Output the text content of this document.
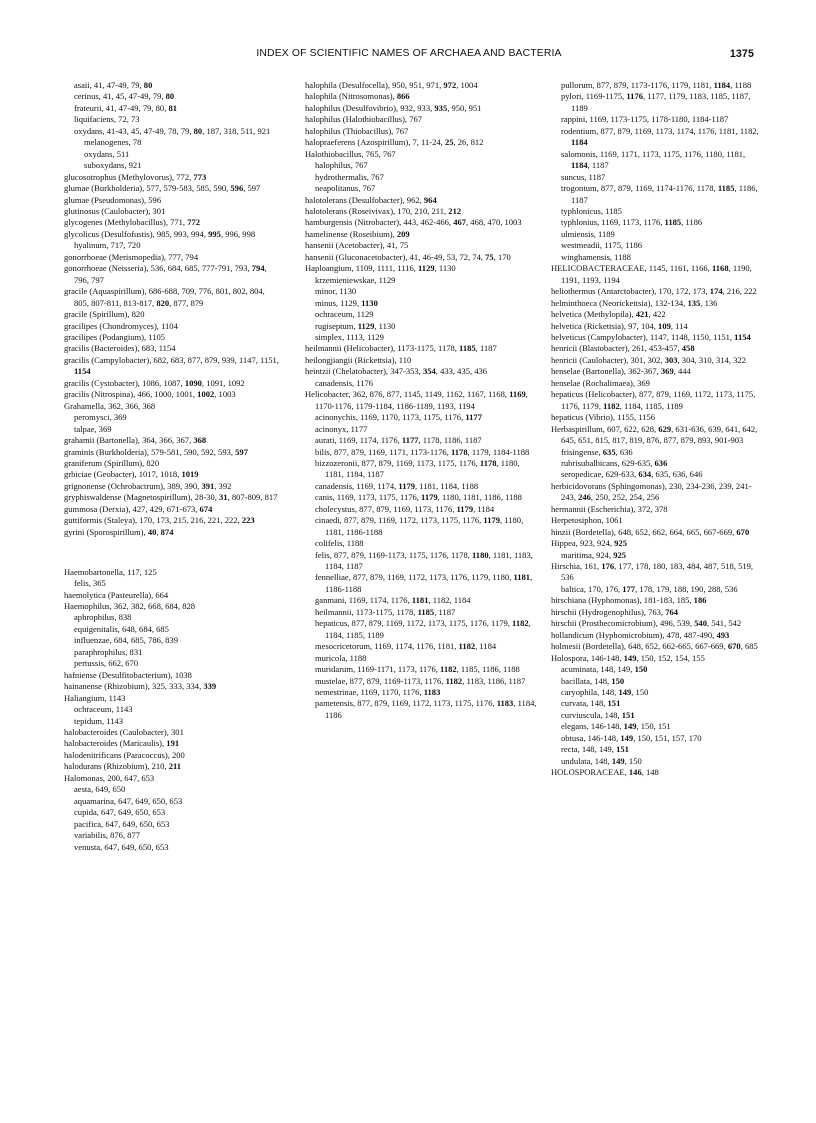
INDEX OF SCIENTIFIC NAMES OF ARCHAEA AND BACTERIA	1375

asaii, 41, 47-49, 79, 80

cerinus, 41, 45, 47-49, 79, 80

frateurii, 41, 47-49, 79, 80, 81

liquifaciens, 72, 73

oxydans, 41-43, 45, 47-49, 78, 79, 80, 187, 318, 511, 921

melanogenes, 78

oxydans, 511

suboxydans, 921

glucosotrophus (Methylovorus), 772, 773

glumae (Burkholderia), 577, 579-583, 585, 590, 596, 597

glumae (Pseudomonas), 596

glutinosus (Caulobacter), 301

glycogenes (Methylobacillus), 771, 772

glycolicus (Desulfofustis), 985, 993, 994, 995, 996, 998

hyalinum, 717, 720

gonorrhoeae (Merismopedia), 777, 794

gonorrhoeae (Neisseria), 536, 684, 685, 777-791, 793, 794, 796, 797

gracile (Aquaspirillum), 686-688, 709, 776, 801, 802, 804, 805, 807-811, 813-817, 820, 877, 879

gracile (Spirillum), 820

gracilipes (Chondromyces), 1104

gracilipes (Podangium), 1105

gracilis (Bacteroides), 683, 1154

gracilis (Campylobacter), 682, 683, 877, 879, 939, 1147, 1151, 1154

gracilis (Cystobacter), 1086, 1087, 1090, 1091, 1092

gracilis (Nitrospina), 466, 1000, 1001, 1002, 1003

Grahamella, 362, 366, 368

peromysci, 369

talpae, 369

grahamii (Bartonella), 364, 366, 367, 368

graminis (Burkholderia), 579-581, 590, 592, 593, 597

graniferum (Spirillum), 820

grbiciae (Geobacter), 1017, 1018, 1019

grignonense (Ochrobactrum), 389, 390, 391, 392

gryphiswaldense (Magnetospirillum), 28-30, 31, 807-809, 817

gummosa (Derxia), 427, 429, 671-673, 674

guttiformis (Staleya), 170, 173, 215, 216, 221, 222, 223

gyrini (Sporospirillum), 40, 874

Haemobartonella, 117, 125

felis, 365

haemolytica (Pasteurella), 664

Haemophilus, 362, 382, 668, 684, 828

aphrophilus, 838

equigenitalis, 648, 684, 685

influenzae, 684, 685, 786, 839

paraphrophilus, 831

pertussis, 662, 670

hafniense (Desulfitobacterium), 1038

hainanense (Rhizobium), 325, 333, 334, 339

Haliangium, 1143

ochraceum, 1143

tepidum, 1143

halobacteroides (Caulobacter), 301

halobacteroides (Maricaulis), 191

halodenitrificans (Paracoccus), 200

halodurans (Rhizobium), 210, 211

Halomonas, 200, 647, 653

aesta, 649, 650

aquamarina, 647, 649, 650, 653

cupida, 647, 649, 650, 653

pacifica, 647, 649, 650, 653

variabilis, 876, 877

venusta, 647, 649, 650, 653

halophila (Desulfocella), 950, 951, 971, 972, 1004

halophila (Nitrosomonas), 866

halophilus (Desulfovibrio), 932, 933, 935, 950, 951

halophilus (Halothiobacillus), 767

halophilus (Thiobacillus), 767

halopraeferens (Azospirillum), 7, 11-24, 25, 26, 812

Halothiobacillus, 765, 767

halophilus, 767

hydrothermalis, 767

neapolitanus, 767

halotolerans (Desulfobacter), 962, 964

halotolerans (Roseivivax), 170, 210, 211, 212

hamburgensis (Nitrobacter), 443, 462-466, 467, 468, 470, 1003

hamelinense (Roseibium), 209

hansenii (Acetobacter), 41, 75

hansenii (Gluconacetobacter), 41, 46-49, 53, 72, 74, 75, 170

Haploangium, 1109, 1111, 1116, 1129, 1130

krzemieniewskae, 1129

minor, 1130

minus, 1129, 1130

ochraceum, 1129

rugiseptum, 1129, 1130

simplex, 1113, 1129

heilmannii (Helicobacter), 1173-1175, 1178, 1185, 1187

heilongjiangii (Rickettsia), 110

heintzii (Chelatobacter), 347-353, 354, 433, 435, 436

canadensis, 1176

Helicobacter, 362, 876, 877, 1145, 1149, 1162, 1167, 1168, 1169, 1170-1176, 1179-1184, 1186-1189, 1193, 1194

acinonychis, 1169, 1170, 1173, 1175, 1176, 1177

acinonyx, 1177

aurati, 1169, 1174, 1176, 1177, 1178, 1186, 1187

bilis, 877, 879, 1169, 1171, 1173-1176, 1178, 1179, 1184-1188

bizzozeronii, 877, 879, 1169, 1173, 1175, 1176, 1178, 1180, 1181, 1184, 1187

canadensis, 1169, 1174, 1179, 1181, 1184, 1188

canis, 1169, 1173, 1175, 1176, 1179, 1180, 1181, 1186, 1188

cholecystus, 877, 879, 1169, 1173, 1176, 1179, 1184

cinaedi, 877, 879, 1169, 1172, 1173, 1175, 1176, 1179, 1180, 1181, 1186-1188

colifelis, 1188

felis, 877, 879, 1169-1173, 1175, 1176, 1178, 1180, 1181, 1183, 1184, 1187

fennelliae, 877, 879, 1169, 1172, 1173, 1176, 1179, 1180, 1181, 1186-1188

ganmani, 1169, 1174, 1176, 1181, 1182, 1184

heilmannii, 1173-1175, 1178, 1185, 1187

hepaticus, 877, 879, 1169, 1172, 1173, 1175, 1176, 1179, 1182, 1184, 1185, 1189

mesocricetorum, 1169, 1174, 1176, 1181, 1182, 1184

muricola, 1188

muridarum, 1169-1171, 1173, 1176, 1182, 1185, 1186, 1188

mustelae, 877, 879, 1169-1173, 1176, 1182, 1183, 1186, 1187

nemestrinae, 1169, 1170, 1176, 1183

pametensis, 877, 879, 1169, 1172, 1173, 1175, 1176, 1183, 1184, 1186

pullorum, 877, 879, 1173-1176, 1179, 1181, 1184, 1188

pylori, 1169-1175, 1176, 1177, 1179, 1183, 1185, 1187, 1189

rappini, 1169, 1173-1175, 1178-1180, 1184-1187

rodentium, 877, 879, 1169, 1173, 1174, 1176, 1181, 1182, 1184

salomonis, 1169, 1171, 1173, 1175, 1176, 1180, 1181, 1184, 1187

suncus, 1187

trogontum, 877, 879, 1169, 1174-1176, 1178, 1185, 1186, 1187

typhlonicus, 1185

typhlonius, 1169, 1173, 1176, 1185, 1186

ulmiensis, 1189

westmeadii, 1175, 1186

winghamensis, 1188

HELICOBACTERACEAE, 1145, 1161, 1166, 1168, 1190, 1191, 1193, 1194

heliothermus (Antarctobacter), 170, 172, 173, 174, 216, 222

helminthoeca (Neorickettsia), 132-134, 135, 136

helvetica (Methylopila), 421, 422

helvetica (Rickettsia), 97, 104, 109, 114

helveticus (Campylobacter), 1147, 1148, 1150, 1151, 1154

henricii (Blastobacter), 261, 453-457, 458

henricii (Caulobacter), 301, 302, 303, 304, 310, 314, 322

henselae (Bartonella), 362-367, 369, 444

henselae (Rochalimaea), 369

hepaticus (Helicobacter), 877, 879, 1169, 1172, 1173, 1175, 1176, 1179, 1182, 1184, 1185, 1189

hepaticus (Vibrio), 1155, 1156

Herbaspirillum, 607, 622, 628, 629, 631-636, 639, 641, 642, 645, 651, 815, 817, 819, 876, 877, 879, 893, 901-903

frisingense, 635, 636

rubrisubalbicans, 629-635, 636

seropedicae, 629-633, 634, 635, 636, 646

herbicidovorans (Sphingomonas), 230, 234-236, 239, 241-243, 246, 250, 252, 254, 256

hermannii (Escherichia), 372, 378

Herpetosiphon, 1061

hinzii (Bordetella), 648, 652, 662, 664, 665, 667-669, 670

Hippea, 923, 924, 925

maritima, 924, 925

Hirschia, 161, 176, 177, 178, 180, 183, 484, 487, 518, 519, 536

baltica, 170, 176, 177, 178, 179, 188, 190, 288, 536

hirschiana (Hyphomonas), 181-183, 185, 186

hirschii (Hydrogenophilus), 763, 764

hirschii (Prosthecomicrobium), 496, 539, 540, 541, 542

hollandicum (Hyphomicrobium), 478, 487-490, 493

holmesii (Bordetella), 648, 652, 662-665, 667-669, 670, 685

Holospora, 146-148, 149, 150, 152, 154, 155

acuminata, 148, 149, 150

bacillata, 148, 150

caryophila, 148, 149, 150

curvata, 148, 151

curviuscula, 148, 151

elegans, 146-148, 149, 150, 151

obtusa, 146-148, 149, 150, 151, 157, 170

recta, 148, 149, 151

undulata, 148, 149, 150

HOLOSPORACEAE, 146, 148
